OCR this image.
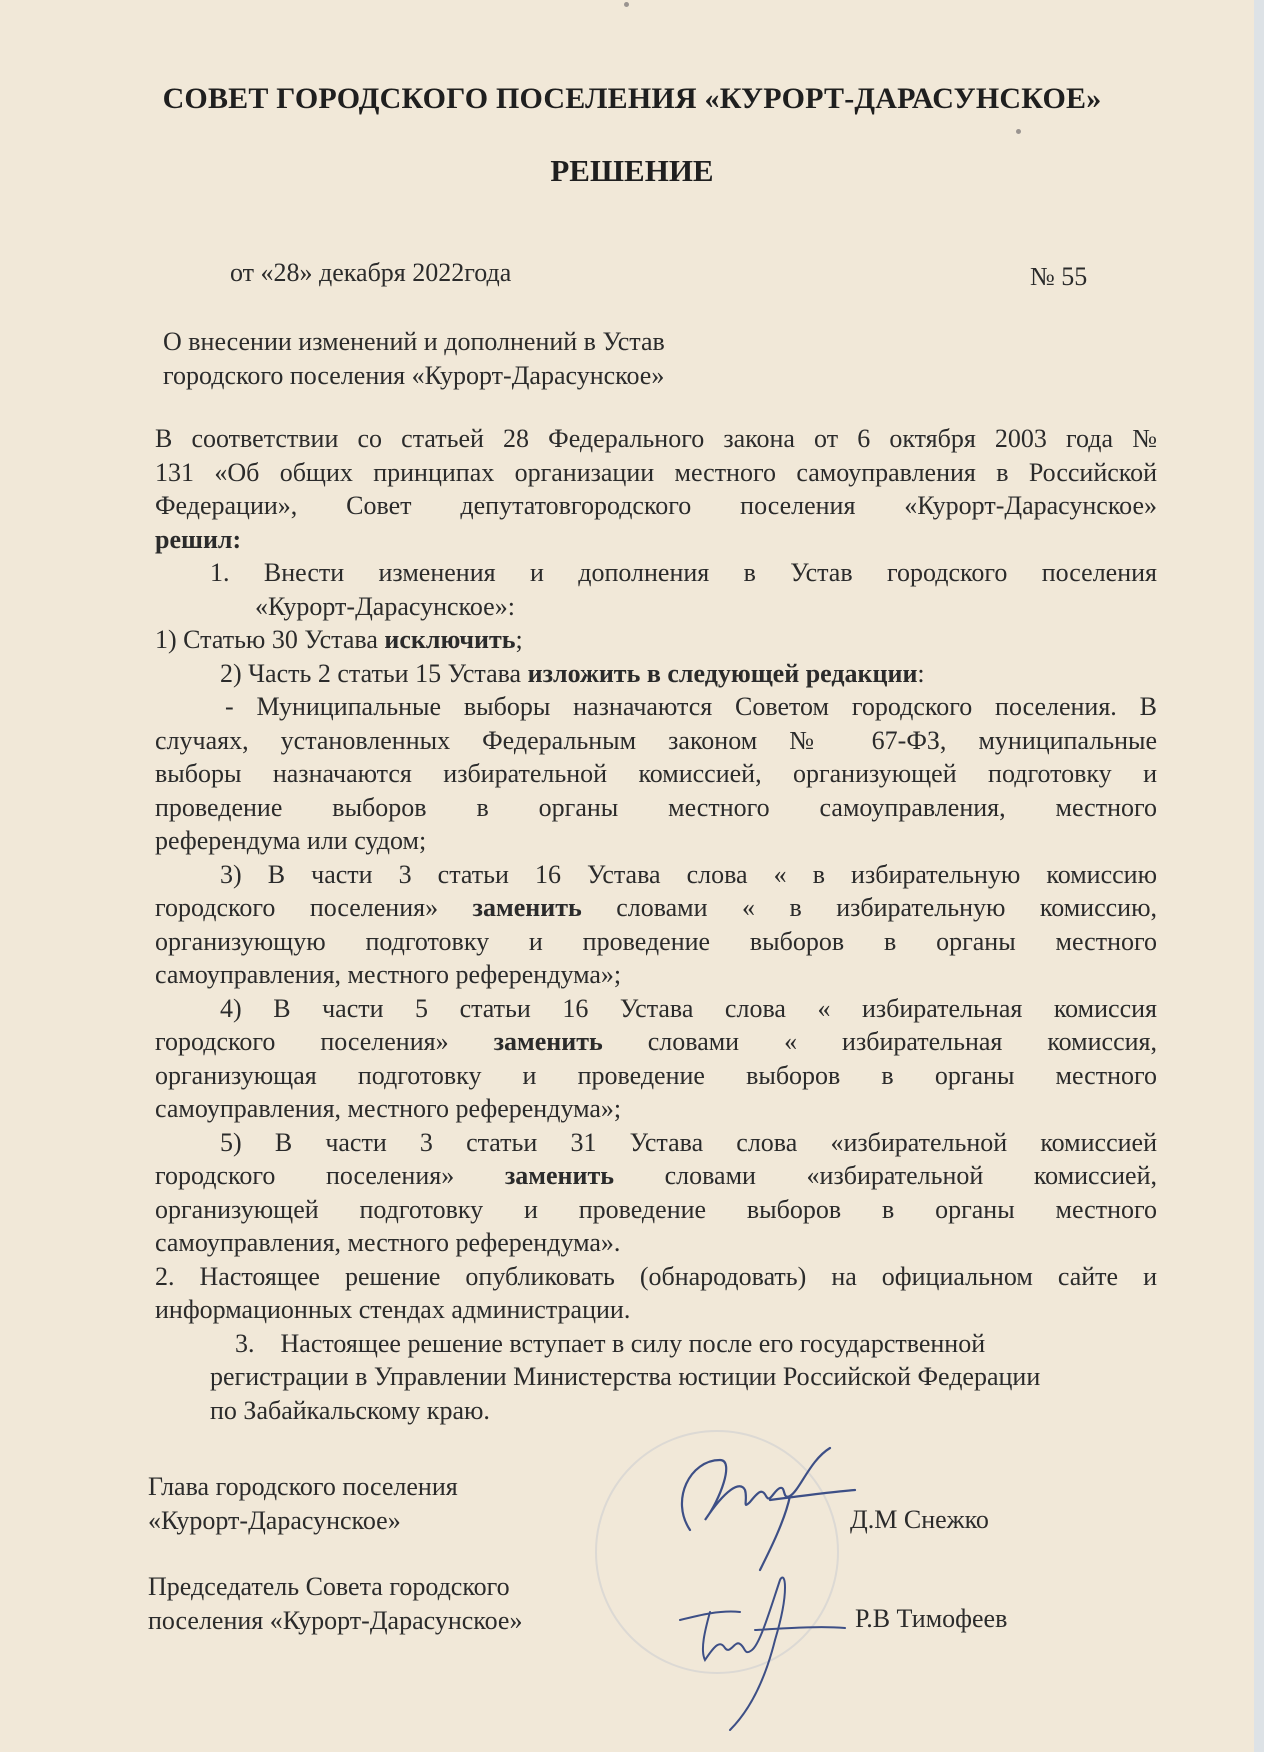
СОВЕТ ГОРОДСКОГО ПОСЕЛЕНИЯ «КУРОРТ-ДАРАСУНСКОЕ»
РЕШЕНИЕ
от «28» декабря 2022года	№ 55
О внесении изменений и дополнений в Устав
городского поселения «Курорт-Дарасунское»
В соответствии со статьей 28 Федерального закона от 6 октября 2003 года №
131 «Об общих принципах организации местного самоуправления в Российской
Федерации», Совет депутатовгородского поселения «Курорт-Дарасунское»
решил:
1. Внести изменения и дополнения в Устав городского поселения
«Курорт-Дарасунское»:
1) Статью 30 Устава исключить;
2) Часть 2 статьи 15 Устава изложить в следующей редакции:
- Муниципальные выборы назначаются Советом городского поселения. В
случаях, установленных Федеральным законом № 67-ФЗ, муниципальные
выборы назначаются избирательной комиссией, организующей подготовку и
проведение выборов в органы местного самоуправления, местного
референдума или судом;
3) В части 3 статьи 16 Устава слова « в избирательную комиссию
городского поселения» заменить словами « в избирательную комиссию,
организующую подготовку и проведение выборов в органы местного
самоуправления, местного референдума»;
4) В части 5 статьи 16 Устава слова « избирательная комиссия
городского поселения» заменить словами « избирательная комиссия,
организующая подготовку и проведение выборов в органы местного
самоуправления, местного референдума»;
5) В части 3 статьи 31 Устава слова «избирательной комиссией
городского поселения» заменить словами «избирательной комиссией,
организующей подготовку и проведение выборов в органы местного
самоуправления, местного референдума».
2. Настоящее решение опубликовать (обнародовать) на официальном сайте и
информационных стендах администрации.
3.    Настоящее решение вступает в силу после его государственной
регистрации в Управлении Министерства юстиции Российской Федерации
по Забайкальскому краю.
Глава городского поселения
«Курорт-Дарасунское»	Д.М Снежко
Председатель Совета городского
поселения «Курорт-Дарасунское»	Р.В Тимофеев
